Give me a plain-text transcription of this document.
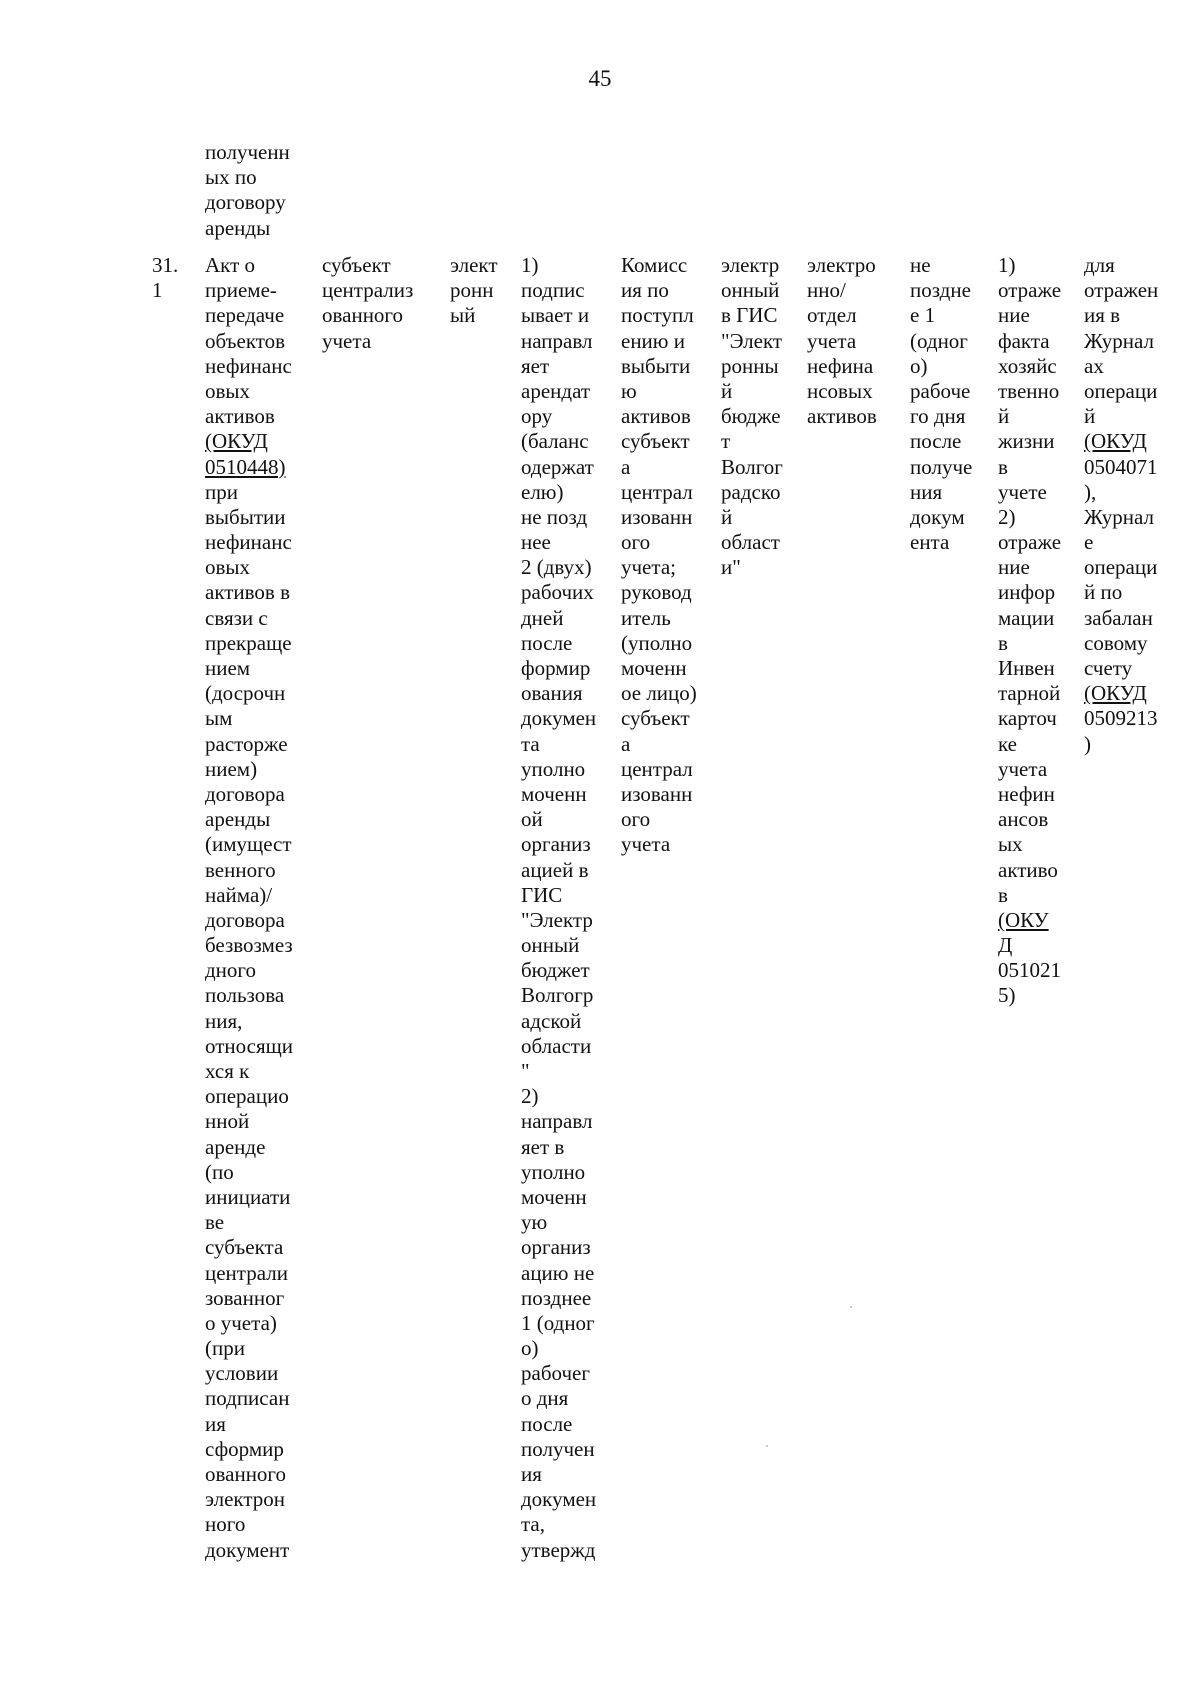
45
полученн
ых по
договору
аренды
31.
1
Акт о
приеме-
передаче
объектов
нефинанс
овых
активов
(ОКУД
0510448)
при
выбытии
нефинанс
овых
активов в
связи с
прекраще
нием
(досрочн
ым
расторже
нием)
договора
аренды
(имущест
венного
найма)/
договора
безвозмез
дного
пользова
ния,
относящи
хся к
операцио
нной
аренде
(по
инициати
ве
субъекта
централи
зованног
о учета)
(при
условии
подписан
ия
сформир
ованного
электрон
ного
документ
субъект
централиз
ованного
учета
элект
ронн
ый
1)
подпис
ывает и
направл
яет
арендат
ору
(баланс
одержат
елю)
не позд
нее
2 (двух)
рабочих
дней
после
формир
ования
докумен
та
уполно
моченн
ой
организ
ацией в
ГИС
"Электр
онный
бюджет
Волгогр
адской
области
"
2)
направл
яет в
уполно
моченн
ую
организ
ацию не
позднее
1 (одног
о)
рабочег
о дня
после
получен
ия
докумен
та,
утвержд
Комисс
ия по
поступл
ению и
выбыти
ю
активов
субъект
а
централ
изованн
ого
учета;
руковод
итель
(уполно
моченн
ое лицо)
субъект
а
централ
изованн
ого
учета
электр
онный
в ГИС
"Элект
ронны
й
бюдже
т
Волгог
радско
й
област
и"
электро
нно/
отдел
учета
нефина
нсовых
активов
не
поздне
е 1
(одног
о)
рабоче
го дня
после
получе
ния
докум
ента
1)
отраже
ние
факта
хозяйс
твенно
й
жизни
в
учете
2)
отраже
ние
инфор
мации
в
Инвен
тарной
карточ
ке
учета
нефин
ансов
ых
активо
в
(ОКУ
Д
051021
5)
для
отражен
ия в
Журнал
ах
операци
й
(ОКУД
0504071
),
Журнал
е
операци
й по
забалан
совому
счету
(ОКУД
0509213
)
